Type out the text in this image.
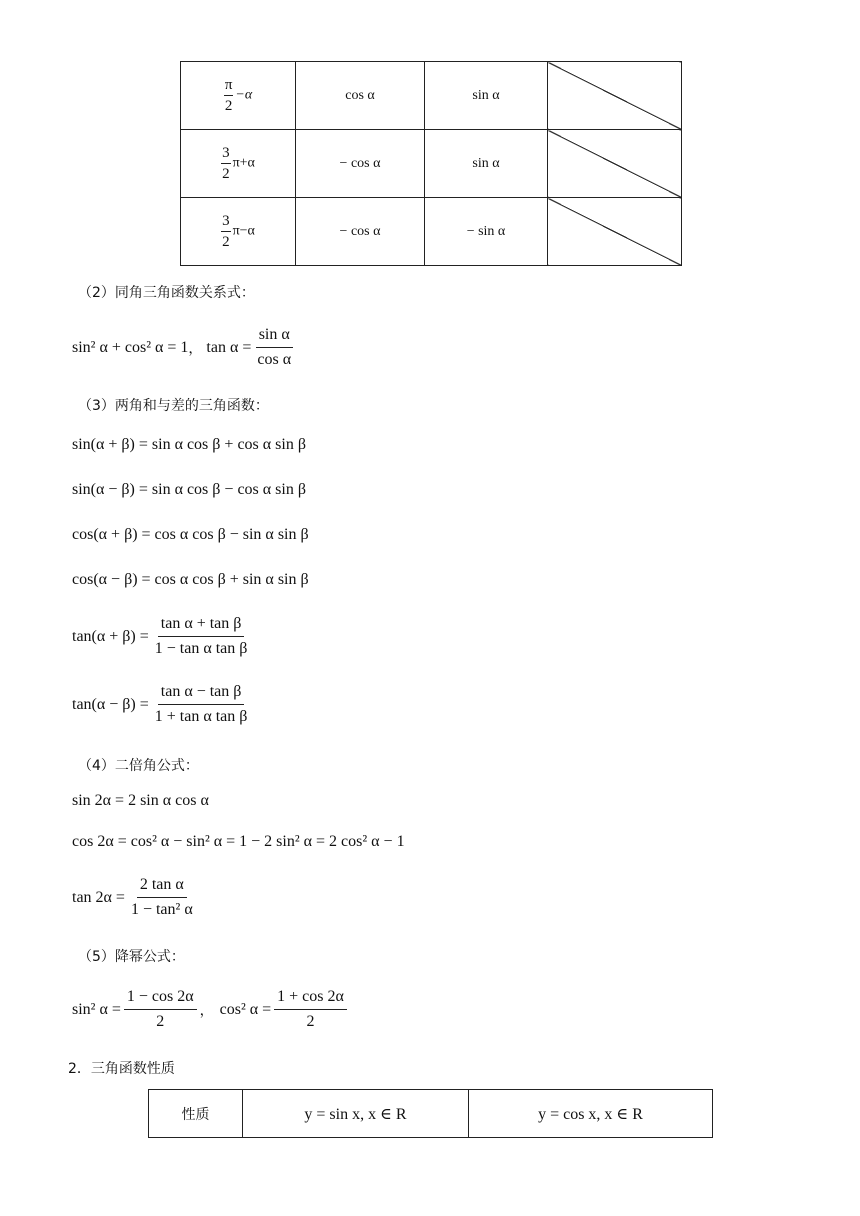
$\frac{\pi}{2} -\alpha$	cos α	sin α	

$\frac{3}{2} \pi+\alpha$	− cos α	sin α	

$\frac{3}{2} \pi-\alpha$	− cos α	− sin α	
（2）同角三角函数关系式：
sin² α + cos² α = 1 ， $\tan \alpha = \frac{\text{sin α}}{\text{cos α}}$
（3）两角和与差的三角函数：
sin(α + β) = sin α cos β + cos α sin β
sin(α − β) = sin α cos β − cos α sin β
cos(α + β) = cos α cos β − sin α sin β
cos(α − β) = cos α cos β + sin α sin β
$\tan(\alpha + \beta) = \frac{\text{tan α + tan β}}{\text{1 − tan α tan β}}$
$\tan(\alpha - \beta) = \frac{\text{tan α − tan β}}{\text{1 + tan α tan β}}$
（4）二倍角公式：
sin 2α = 2 sin α cos α
cos 2α = cos² α − sin² α = 1 − 2 sin² α = 2 cos² α − 1
$\tan 2\alpha = \frac{\text{2 tan α}}{\text{1 − tan² α}}$
（5）降幂公式：
sin² $\alpha = \frac{1 - \cos 2\alpha}{2}$ ， cos² $\alpha = \frac{1 + \cos 2\alpha}{2}$
2．三角函数性质
性质	y = sin x, x ∈ R	y = cos x, x ∈ R
